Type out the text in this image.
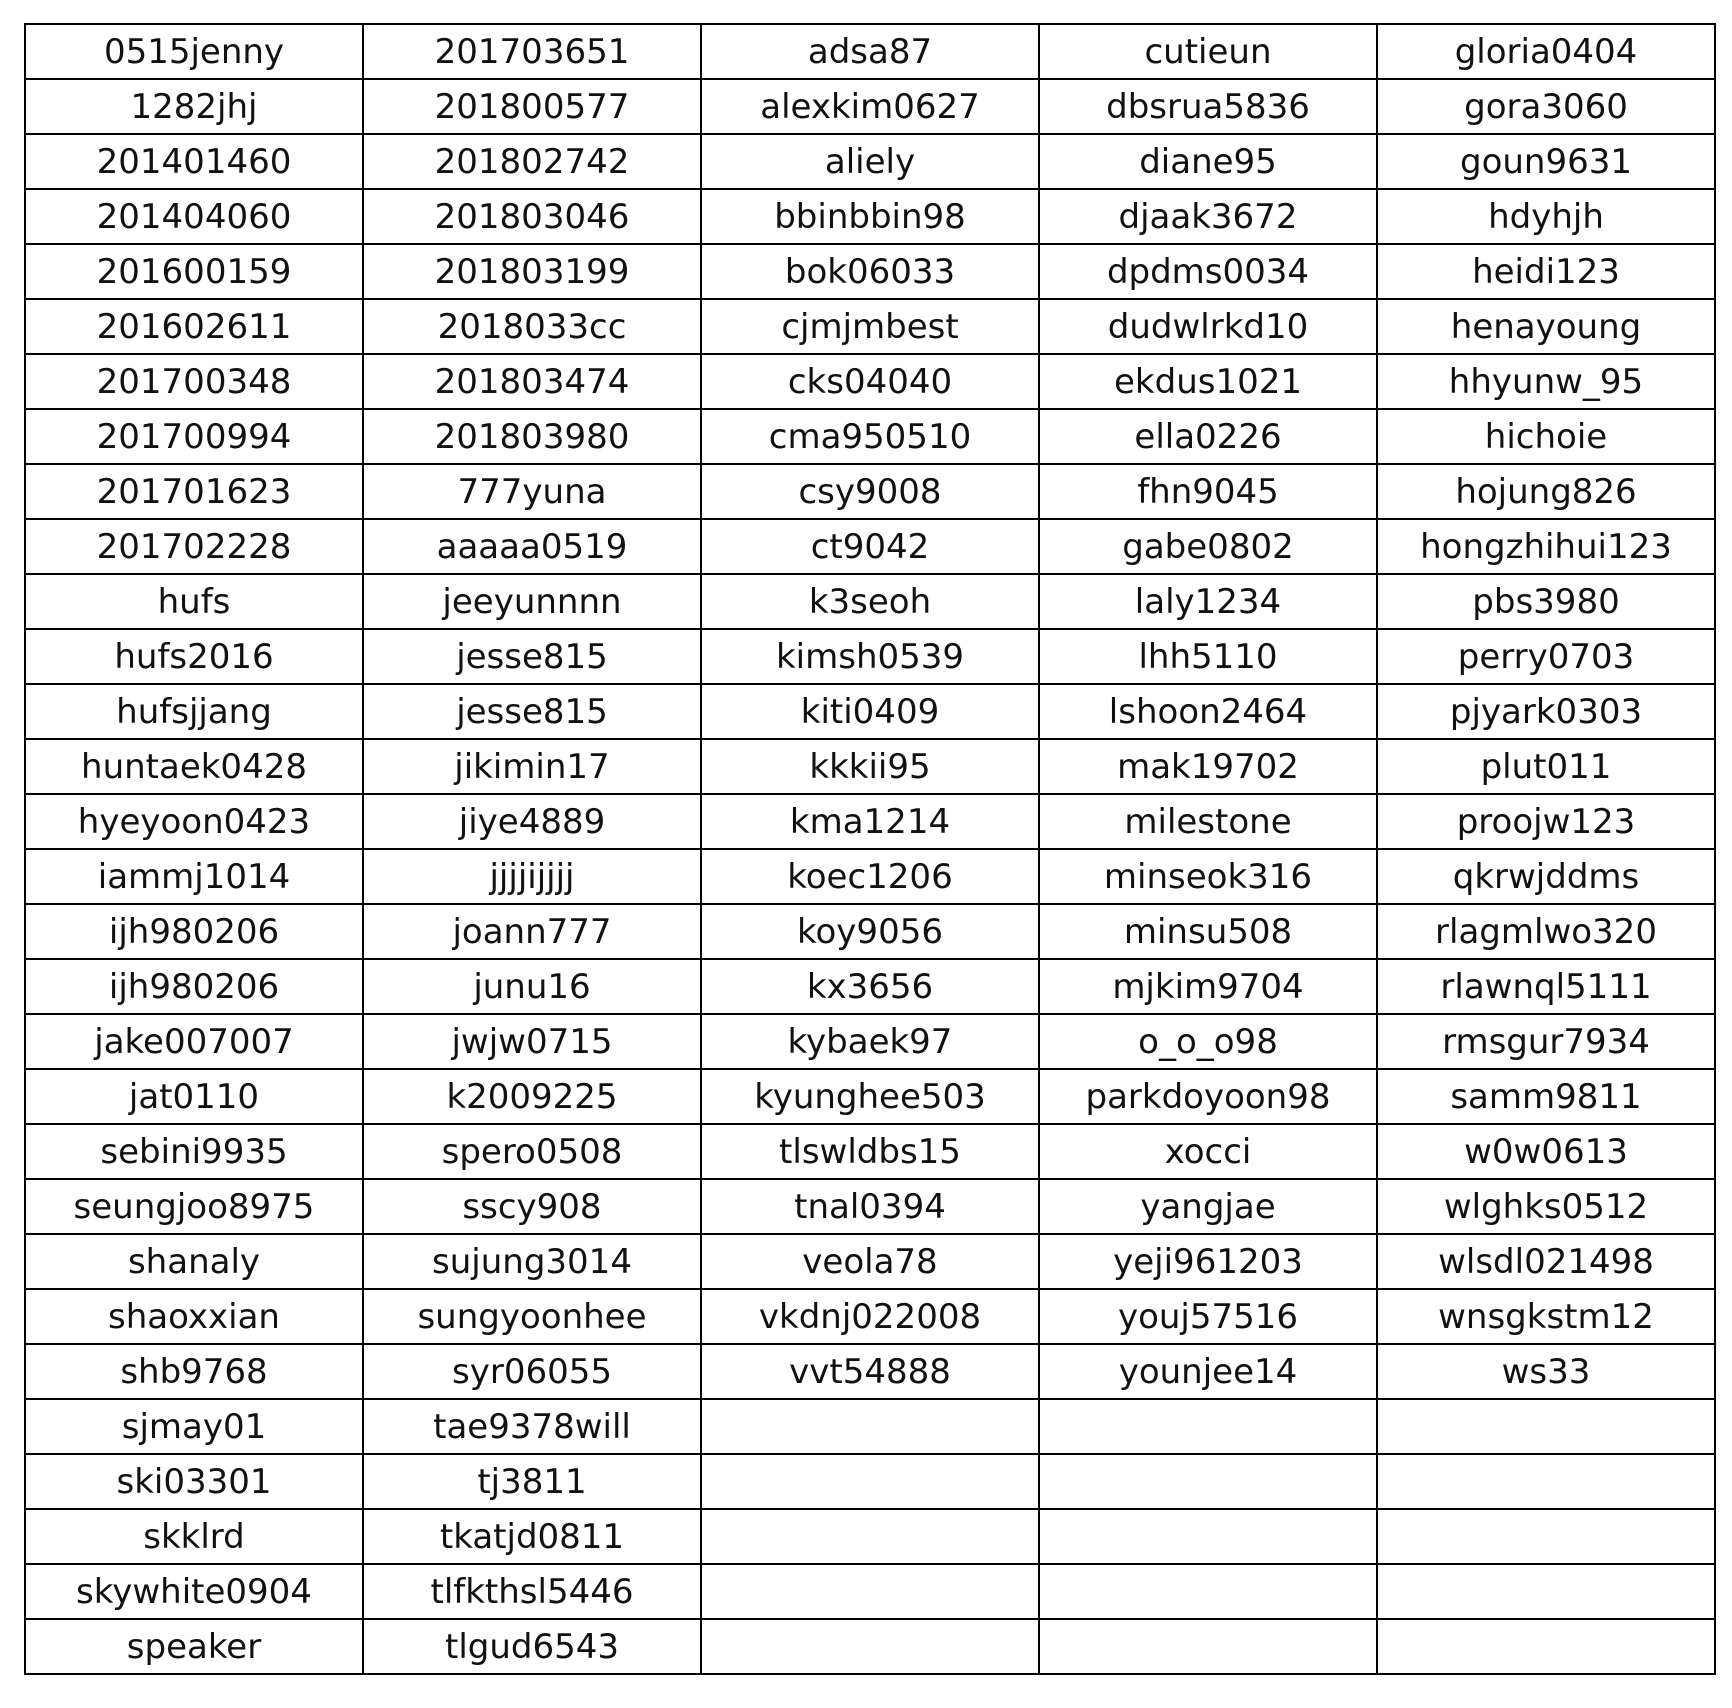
0515jenny	201703651	adsa87	cutieun	gloria0404
1282jhj	201800577	alexkim0627	dbsrua5836	gora3060
201401460	201802742	aliely	diane95	goun9631
201404060	201803046	bbinbbin98	djaak3672	hdyhjh
201600159	201803199	bok06033	dpdms0034	heidi123
201602611	2018033cc	cjmjmbest	dudwlrkd10	henayoung
201700348	201803474	cks04040	ekdus1021	hhyunw_95
201700994	201803980	cma950510	ella0226	hichoie
201701623	777yuna	csy9008	fhn9045	hojung826
201702228	aaaaa0519	ct9042	gabe0802	hongzhihui123
hufs	jeeyunnnn	k3seoh	laly1234	pbs3980
hufs2016	jesse815	kimsh0539	lhh5110	perry0703
hufsjjang	jesse815	kiti0409	lshoon2464	pjyark0303
huntaek0428	jikimin17	kkkii95	mak19702	plut011
hyeyoon0423	jiye4889	kma1214	milestone	proojw123
iammj1014	jjjjijjjj	koec1206	minseok316	qkrwjddms
ijh980206	joann777	koy9056	minsu508	rlagmlwo320
ijh980206	junu16	kx3656	mjkim9704	rlawnql5111
jake007007	jwjw0715	kybaek97	o_o_o98	rmsgur7934
jat0110	k2009225	kyunghee503	parkdoyoon98	samm9811
sebini9935	spero0508	tlswldbs15	xocci	w0w0613
seungjoo8975	sscy908	tnal0394	yangjae	wlghks0512
shanaly	sujung3014	veola78	yeji961203	wlsdl021498
shaoxxian	sungyoonhee	vkdnj022008	youj57516	wnsgkstm12
shb9768	syr06055	vvt54888	younjee14	ws33
sjmay01	tae9378will			
ski03301	tj3811			
skklrd	tkatjd0811			
skywhite0904	tlfkthsl5446			
speaker	tlgud6543			
